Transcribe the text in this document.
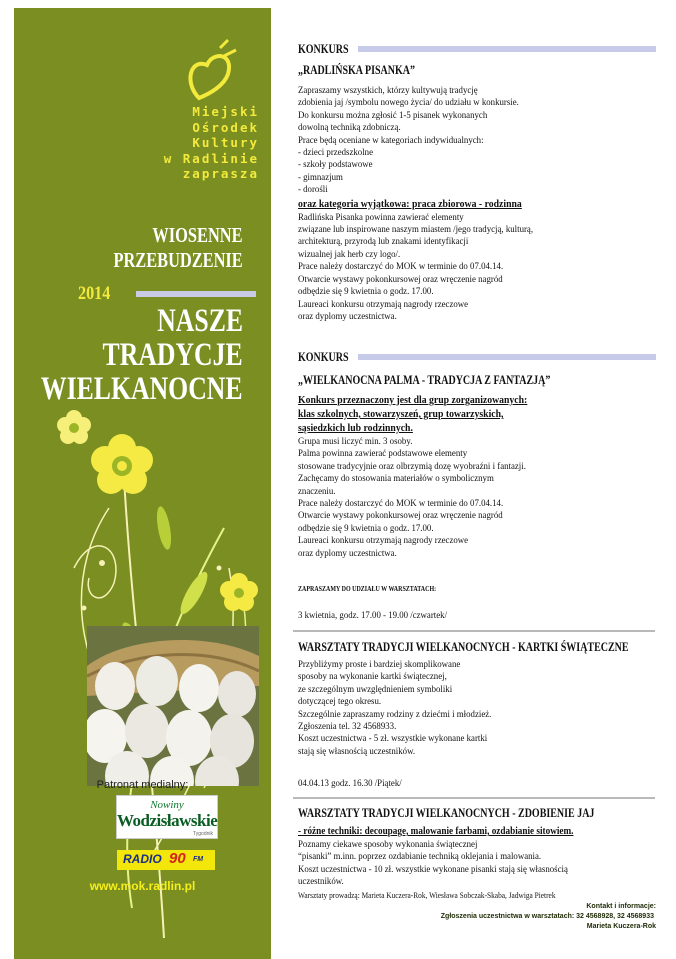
Miejski
Ośrodek
Kultury
w Radlinie
zaprasza
WIOSENNE
PRZEBUDZENIE
2014
NASZE
TRADYCJE
WIELKANOCNE
Patronat medialny:
Nowiny
Wodzisławskie
Tygodnik
RADIO 90 FM
www.mok.radlin.pl
Kontakt i informacje:
Zgłoszenia uczestnictwa w warsztatach: 32 4568928, 32 4568933
Marieta Kuczera-Rok
KONKURS
„RADLIŃSKA PISANKA”
Zapraszamy wszystkich, którzy kultywują tradycję
zdobienia jaj /symbolu nowego życia/ do udziału w konkursie.
Do konkursu można zgłosić 1-5 pisanek wykonanych
dowolną techniką zdobniczą.
Prace będą oceniane w kategoriach indywidualnych:
- dzieci przedszkolne
- szkoły podstawowe
- gimnazjum
- dorośli
oraz kategoria wyjątkowa: praca zbiorowa - rodzinna
Radlińska Pisanka powinna zawierać elementy
związane lub inspirowane naszym miastem /jego tradycją, kulturą,
architekturą, przyrodą lub znakami identyfikacji
wizualnej jak herb czy logo/.
Prace należy dostarczyć do MOK w terminie do 07.04.14.
Otwarcie wystawy pokonkursowej oraz wręczenie nagród
odbędzie się 9 kwietnia o godz. 17.00.
Laureaci konkursu otrzymają nagrody rzeczowe
oraz dyplomy uczestnictwa.
KONKURS
„WIELKANOCNA PALMA - TRADYCJA Z FANTAZJĄ”
Konkurs przeznaczony jest dla grup zorganizowanych:
klas szkolnych, stowarzyszeń, grup towarzyskich,
sąsiedzkich lub rodzinnych.
Grupa musi liczyć min. 3 osoby.
Palma powinna zawierać podstawowe elementy
stosowane tradycyjnie oraz olbrzymią dozę wyobraźni i fantazji.
Zachęcamy do stosowania materiałów o symbolicznym
znaczeniu.
Prace należy dostarczyć do MOK w terminie do 07.04.14.
Otwarcie wystawy pokonkursowej oraz wręczenie nagród
odbędzie się 9 kwietnia o godz. 17.00.
Laureaci konkursu otrzymają nagrody rzeczowe
oraz dyplomy uczestnictwa.
ZAPRASZAMY DO UDZIAŁU W WARSZTATACH:
3 kwietnia, godz. 17.00 - 19.00 /czwartek/
WARSZTATY TRADYCJI WIELKANOCNYCH - KARTKI ŚWIĄTECZNE
Przybliżymy proste i bardziej skomplikowane
sposoby na wykonanie kartki świątecznej,
ze szczególnym uwzględnieniem symboliki
dotyczącej tego okresu.
Szczególnie zapraszamy rodziny z dziećmi i młodzież.
Zgłoszenia tel. 32 4568933.
Koszt uczestnictwa - 5 zł. wszystkie wykonane kartki
stają się własnością uczestników.
04.04.13 godz. 16.30 /Piątek/
WARSZTATY TRADYCJI WIELKANOCNYCH - ZDOBIENIE JAJ
- różne techniki: decoupage, malowanie farbami, ozdabianie sitowiem.
Poznamy ciekawe sposoby wykonania świątecznej
“pisanki” m.inn. poprzez ozdabianie techniką oklejania i malowania.
Koszt uczestnictwa - 10 zł. wszystkie wykonane pisanki stają się własnością
uczestników.
Warsztaty prowadzą: Marieta Kuczera-Rok, Wiesława Sobczak-Skaba, Jadwiga Pietrek
